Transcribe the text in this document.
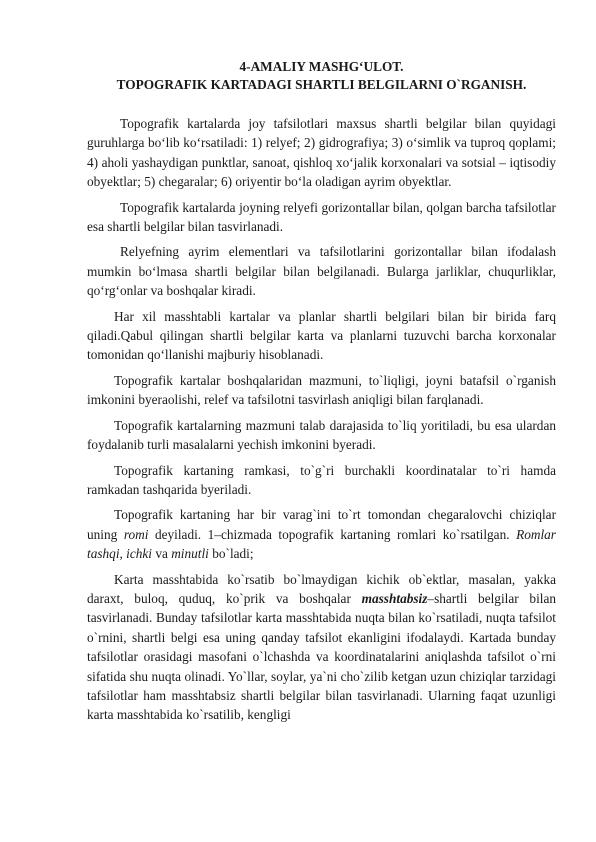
4-AMALIY MASHG‘ULOT.
TOPOGRAFIK KARTADAGI SHARTLI BELGILARNI O`RGANISH.

Topografik kartalarda joy tafsilotlari maxsus shartli belgilar bilan quyidagi guruhlarga bo‘lib ko‘rsatiladi: 1) relyef; 2) gidrografiya; 3) o‘simlik va tuproq qoplami; 4) aholi yashaydigan punktlar, sanoat, qishloq xo‘jalik korxonalari va sotsial – iqtisodiy obyektlar; 5) chegaralar; 6) oriyentir bo‘la oladigan ayrim obyektlar.

Topografik kartalarda joyning relyefi gorizontallar bilan, qolgan barcha tafsilotlar esa shartli belgilar bilan tasvirlanadi.

Relyefning ayrim elementlari va tafsilotlarini gorizontallar bilan ifodalash mumkin bo‘lmasa shartli belgilar bilan belgilanadi. Bularga jarliklar, chuqurliklar, qo‘rg‘onlar va boshqalar kiradi.

Har xil masshtabli kartalar va planlar shartli belgilari bilan bir birida farq qiladi.Qabul qilingan shartli belgilar karta va planlarni tuzuvchi barcha korxonalar tomonidan qo‘llanishi majburiy hisoblanadi.

Topografik kartalar boshqalaridan mazmuni, to`liqligi, joyni batafsil o`rganish imkonini byeraolishi, relef va tafsilotni tasvirlash aniqligi bilan farqlanadi.

Topografik kartalarning mazmuni talab darajasida to`liq yoritiladi, bu esa ulardan foydalanib turli masalalarni yechish imkonini byeradi.

Topografik kartaning ramkasi, to`g`ri burchakli koordinatalar to`ri hamda ramkadan tashqarida byeriladi.

Topografik kartaning har bir varag`ini to`rt tomondan chegaralovchi chiziqlar uning romi deyiladi. 1–chizmada topografik kartaning romlari ko`rsatilgan. Romlar tashqi, ichki va minutli bo`ladi;

Karta masshtabida ko`rsatib bo`lmaydigan kichik ob`ektlar, masalan, yakka daraxt, buloq, quduq, ko`prik va boshqalar masshtabsiz–shartli belgilar bilan tasvirlanadi. Bunday tafsilotlar karta masshtabida nuqta bilan ko`rsatiladi, nuqta tafsilot o`rnini, shartli belgi esa uning qanday tafsilot ekanligini ifodalaydi. Kartada bunday tafsilotlar orasidagi masofani o`lchashda va koordinatalarini aniqlashda tafsilot o`rni sifatida shu nuqta olinadi. Yo`llar, soylar, ya`ni cho`zilib ketgan uzun chiziqlar tarzidagi tafsilotlar ham masshtabsiz shartli belgilar bilan tasvirlanadi. Ularning faqat uzunligi karta masshtabida ko`rsatilib, kengligi
